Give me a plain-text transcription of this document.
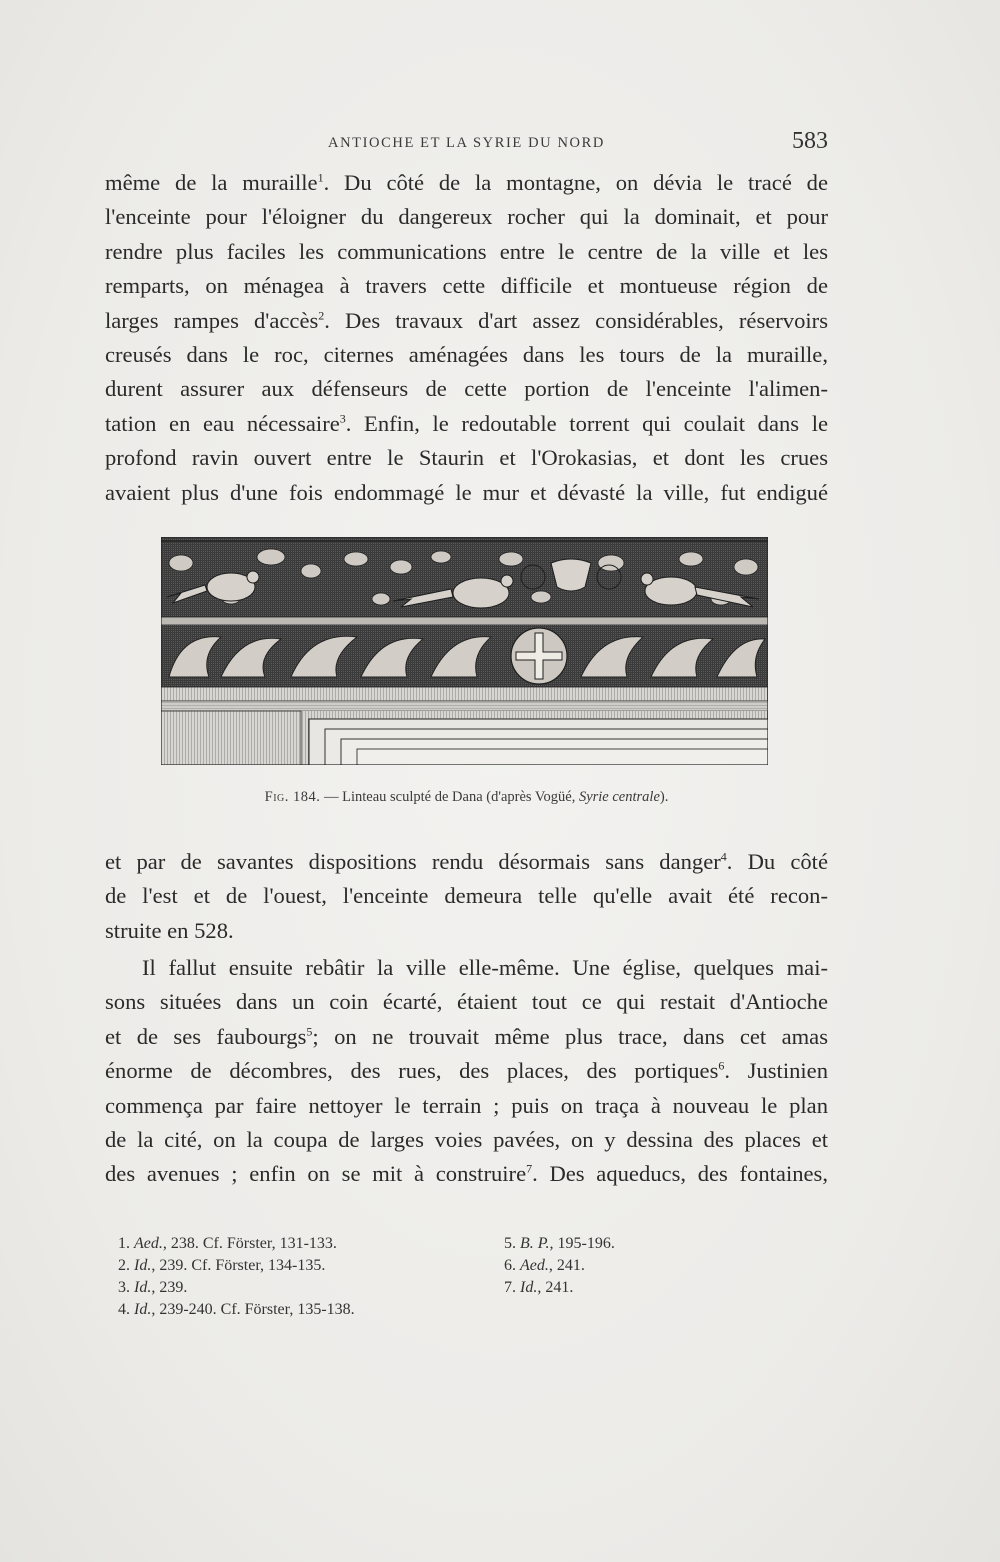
ANTIOCHE ET LA SYRIE DU NORD	583
même de la muraille$^1$. Du côté de la montagne, on dévia le tracé de
l'enceinte pour l'éloigner du dangereux rocher qui la dominait, et pour
rendre plus faciles les communications entre le centre de la ville et les
remparts, on ménagea à travers cette difficile et montueuse région de
larges rampes d'accès$^2$. Des travaux d'art assez considérables, réservoirs
creusés dans le roc, citernes aménagées dans les tours de la muraille,
durent assurer aux défenseurs de cette portion de l'enceinte l'alimen-
tation en eau nécessaire$^3$. Enfin, le redoutable torrent qui coulait dans le
profond ravin ouvert entre le Staurin et l'Orokasias, et dont les crues
avaient plus d'une fois endommagé le mur et dévasté la ville, fut endigué
Fig. 184. — Linteau sculpté de Dana (d'après Vogüé, Syrie centrale).
et par de savantes dispositions rendu désormais sans danger$^4$. Du côté
de l'est et de l'ouest, l'enceinte demeura telle qu'elle avait été recon-
struite en 528.
Il fallut ensuite rebâtir la ville elle-même. Une église, quelques mai-
sons situées dans un coin écarté, étaient tout ce qui restait d'Antioche
et de ses faubourgs$^5$; on ne trouvait même plus trace, dans cet amas
énorme de décombres, des rues, des places, des portiques$^6$. Justinien
commença par faire nettoyer le terrain ; puis on traça à nouveau le plan
de la cité, on la coupa de larges voies pavées, on y dessina des places et
des avenues ; enfin on se mit à construire$^7$. Des aqueducs, des fontaines,
1. Aed., 238. Cf. Förster, 131-133.
2. Id., 239. Cf. Förster, 134-135.
3. Id., 239.
4. Id., 239-240. Cf. Förster, 135-138.
5. B. P., 195-196.
6. Aed., 241.
7. Id., 241.
